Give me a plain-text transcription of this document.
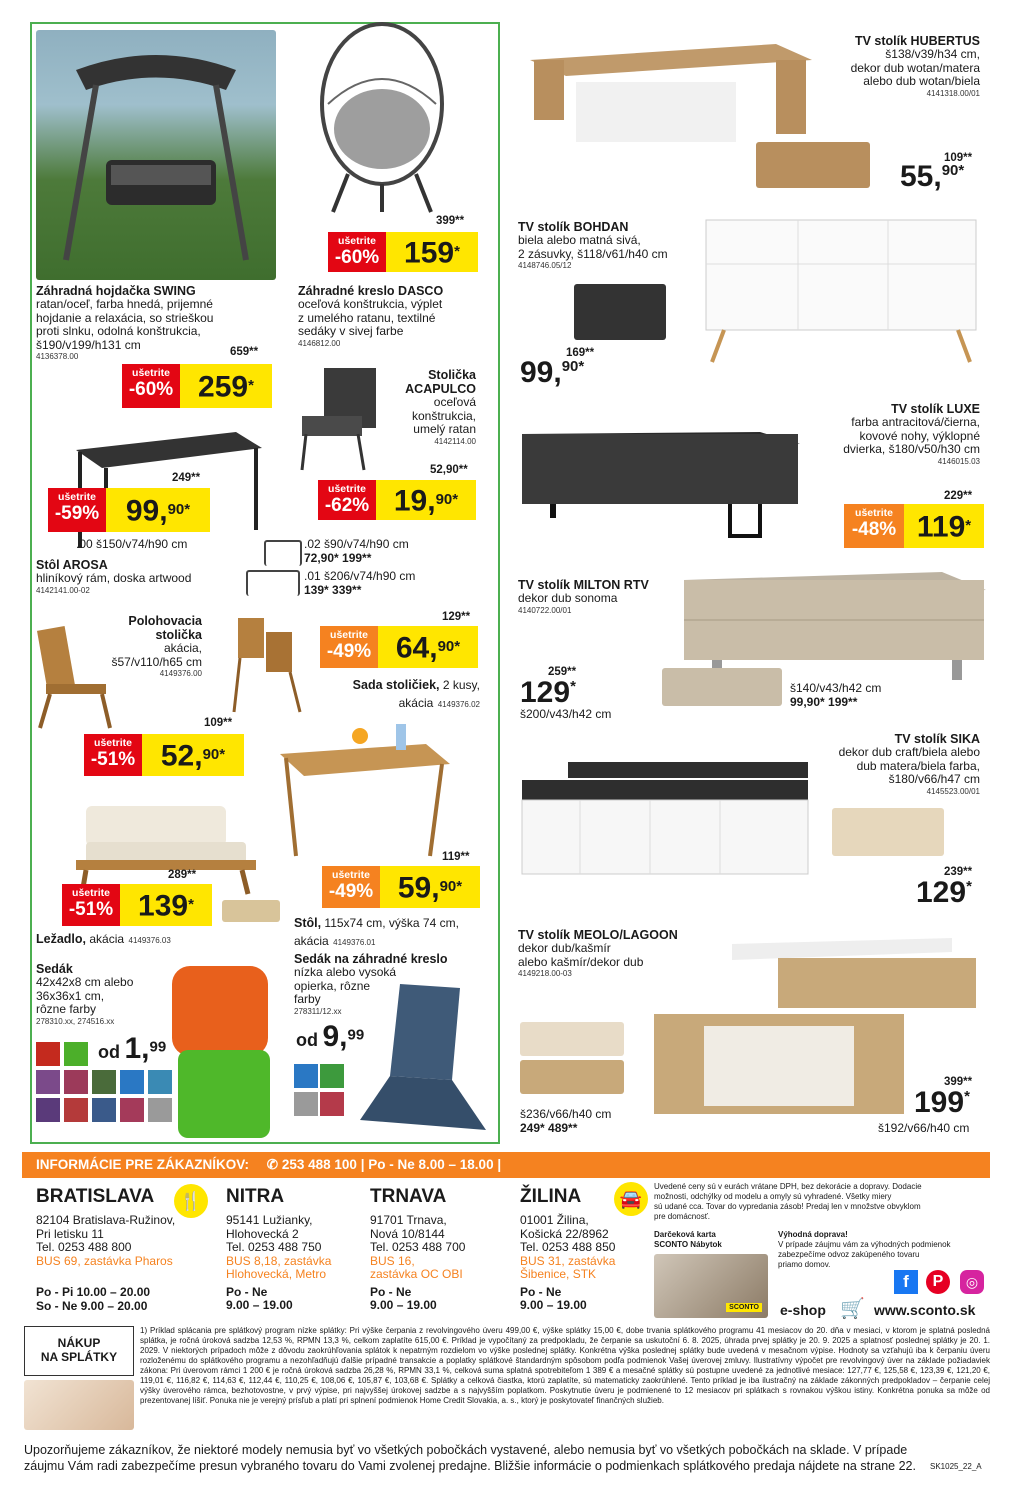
Záhradná hojdačka SWING
ratan/oceľ, farba hnedá, prijemné
hojdanie a relaxácia, so strieškou
proti slnku, odolná konštrukcia,
š190/v199/h131 cm
4136378.00	659**
ušetrite
-60% 259*
399**
ušetrite
-60% 159*
Záhradné kreslo DASCO
oceľová konštrukcia, výplet
z umelého ratanu, textilné
sedáky v sivej farbe
4146812.00
Stolička
ACAPULCO
oceľová
konštrukcia,
umelý ratan
4142114.00
52,90**
ušetrite
-62% 19,$^{90*}$
249**
ušetrite
-59% 99,$^{90*}$
.00 š150/v74/h90 cm
Stôl AROSA
hliníkový rám, doska artwood
4142141.00-02
.02 š90/v74/h90 cm
72,90* 199**
.01 š206/v74/h90 cm
139* 339**
Polohovacia
stolička
akácia,
š57/v110/h65 cm
4149376.00
109**
ušetrite
-51% 52,$^{90*}$
129**
ušetrite
-49% 64,$^{90*}$
Sada stoličiek, 2 kusy,
akácia 4149376.02
289**
ušetrite
-51% 139*
Ležadlo, akácia 4149376.03
119**
ušetrite
-49% 59,$^{90*}$
Stôl, 115x74 cm, výška 74 cm,
akácia 4149376.01
Sedák
42x42x8 cm alebo
36x36x1 cm,
rôzne farby
278310.xx, 274516.xx
od 1,99
Sedák na záhradné kreslo
nízka alebo vysoká
opierka, rôzne
farby
278311/12.xx
od 9,99
TV stolík HUBERTUS
š138/v39/h34 cm,
dekor dub wotan/matera
alebo dub wotan/biela
4141318.00/01
109**
55,$^{90*}$
TV stolík BOHDAN
biela alebo matná sivá,
2 zásuvky, š118/v61/h40 cm
4148746.05/12
169**
99,$^{90*}$
TV stolík LUXE
farba antracitová/čierna,
kovové nohy, výklopné
dvierka, š180/v50/h30 cm
4146015.03
229**
ušetrite
-48% 119*
TV stolík MILTON RTV
dekor dub sonoma
4140722.00/01
259**
129*
š200/v43/h42 cm
š140/v43/h42 cm
99,90* 199**
TV stolík SIKA
dekor dub craft/biela alebo
dub matera/biela farba,
š180/v66/h47 cm
4145523.00/01
239**
129*
TV stolík MEOLO/LAGOON
dekor dub/kašmír
alebo kašmír/dekor dub
4149218.00-03
š236/v66/h40 cm
249* 489**
399**
199*
š192/v66/h40 cm
INFORMÁCIE PRE ZÁKAZNÍKOV: ✆ 253 488 100 | Po - Ne 8.00 – 18.00 |
BRATISLAVA
82104 Bratislava-Ružinov,
Pri letisku 11
Tel. 0253 488 800
BUS 69, zastávka Pharos
Po - Pi 10.00 – 20.00
So - Ne 9.00 – 20.00
🍴	NITRA
95141 Lužianky,
Hlohovecká 2
Tel. 0253 488 750
BUS 8,18, zastávka
Hlohovecká, Metro
Po - Ne
9.00 – 19.00
TRNAVA
91701 Trnava,
Nová 10/8144
Tel. 0253 488 700
BUS 16,
zastávka OC OBI
Po - Ne
9.00 – 19.00
ŽILINA
01001 Žilina,
Košická 22/8962
Tel. 0253 488 850
BUS 31, zastávka
Šibenice, STK
Po - Ne
9.00 – 19.00
🚘
Uvedené ceny sú v eurách vrátane DPH, bez dekorácie a dopravy. Dodacie
možnosti, odchýlky od modelu a omyly sú vyhradené. Všetky miery
sú udané cca. Tovar do vypredania zásob! Predaj len v množstve obvyklom
pre domácnosť.
Darčeková karta
SCONTO Nábytok
SCONTO
Výhodná doprava!
V prípade záujmu vám za výhodných podmienok
zabezpečíme odvoz zakúpeného tovaru
priamo domov.
f	P	◎
e-shop 🛒 www.sconto.sk
NÁKUP
NA SPLÁTKY
1) Príklad splácania pre splátkový program nízke splátky: Pri výške čerpania z revolvingového úveru 499,00 €, výške splátky 15,00 €, dobe trvania splátkového programu 41 mesiacov do 20. dňa v mesiaci, v ktorom je splatná posledná splátka, je ročná úroková sadzba 12,53 %, RPMN 13,3 %, celkom zaplatíte 615,00 €. Príklad je vypočítaný za predpokladu, že čerpanie sa uskutoční 6. 8. 2025, úhrada prvej splátky je 20. 9. 2025 a splatnosť poslednej splátky je 20. 1. 2029. V niektorých prípadoch môže z dôvodu zaokrúhľovania splátok k nepatrným rozdielom vo výške poslednej splátky. Konkrétna výška poslednej splátky bude uvedená v mesačnom výpise. Hodnoty sa vzťahujú iba k čerpaniu úveru rozloženému do splátkového programu a nezohľadňujú ďalšie prípadné transakcie a poplatky splátkové štandardným spôsobom podľa podmienok Vašej úverovej zmluvy. Ilustratívny výpočet pre revolvingový úver na základe požiadaviek zákona: Pri úverovom rámci 1 200 € je ročná úroková sadzba 26,28 %, RPMN 33,1 %, celková suma splatná spotrebiteľom 1 389 € a mesačné splátky sú postupne uvedené za jednotlivé mesiace: 127,77 €, 125,58 €, 123,39 €, 121,20 €, 119,01 €, 116,82 €, 114,63 €, 112,44 €, 110,25 €, 108,06 €, 105,87 €, 103,68 €. Splátky a celková čiastka, ktorú zaplatíte, sú matematicky zaokrúhlené. Tento príklad je iba ilustračný na základe zákonných predpokladov – čerpanie celej výšky úverového rámca, bezhotovostne, v prvý výpise, pri najvyššej úrokovej sadzbe a s najvyšším poplatkom. Poskytnutie úveru je podmienené to 12 mesiacov pri splátkach s rovnakou výškou istiny. Konkrétna ponuka sa môže od prezentovanej líšiť. Ponuka nie je verejný prísľub a platí pri splnení podmienok Home Credit Slovakia, a. s., ktorý je poskytovateľ finančných služieb.
Upozorňujeme zákazníkov, že niektoré modely nemusia byť vo všetkých pobočkách vystavené, alebo nemusia byť vo všetkých pobočkách na sklade. V prípade
záujmu Vám radi zabezpečíme presun vybraného tovaru do Vami zvolenej predajne. Bližšie informácie o podmienkach splátkového predaja nájdete na strane 22.	SK1025_22_A
